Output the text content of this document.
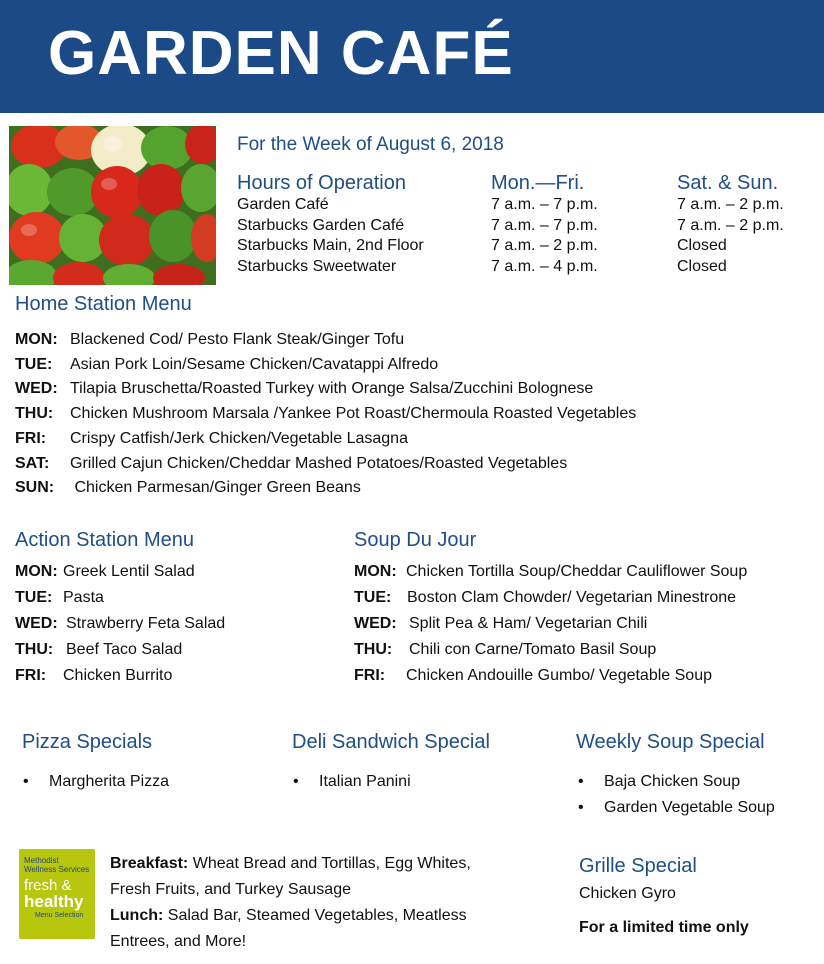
GARDEN CAFÉ
For the Week of August 6, 2018
Hours of Operation	Mon.—Fri.	Sat. & Sun.
Garden Café	7 a.m. – 7 p.m.	7 a.m. – 2 p.m.
Starbucks Garden Café	7 a.m. – 7 p.m.	7 a.m. – 2 p.m.
Starbucks Main, 2nd Floor	7 a.m. – 2 p.m.	Closed
Starbucks Sweetwater	7 a.m. – 4 p.m.	Closed
Home Station Menu
MON: Blackened Cod/ Pesto Flank Steak/Ginger Tofu
TUE: Asian Pork Loin/Sesame Chicken/Cavatappi Alfredo
WED: Tilapia Bruschetta/Roasted Turkey with Orange Salsa/Zucchini Bolognese
THU: Chicken Mushroom Marsala /Yankee Pot Roast/Chermoula Roasted Vegetables
FRI: Crispy Catfish/Jerk Chicken/Vegetable Lasagna
SAT: Grilled Cajun Chicken/Cheddar Mashed Potatoes/Roasted Vegetables
SUN: Chicken Parmesan/Ginger Green Beans
Action Station Menu
MON: Greek Lentil Salad
TUE: Pasta
WED: Strawberry Feta Salad
THU: Beef Taco Salad
FRI: Chicken Burrito
Soup Du Jour
MON: Chicken Tortilla Soup/Cheddar Cauliflower Soup
TUE: Boston Clam Chowder/ Vegetarian Minestrone
WED: Split Pea & Ham/ Vegetarian Chili
THU: Chili con Carne/Tomato Basil Soup
FRI: Chicken Andouille Gumbo/ Vegetable Soup
Pizza Specials
• Margherita Pizza
Deli Sandwich Special
• Italian Panini
Weekly Soup Special
• Baja Chicken Soup
• Garden Vegetable Soup
Methodist
Wellness Services
fresh &
healthy
Menu Selection
Breakfast: Wheat Bread and Tortillas, Egg Whites,
Fresh Fruits, and Turkey Sausage
Lunch: Salad Bar, Steamed Vegetables, Meatless
Entrees, and More!
Grille Special
Chicken Gyro
For a limited time only
